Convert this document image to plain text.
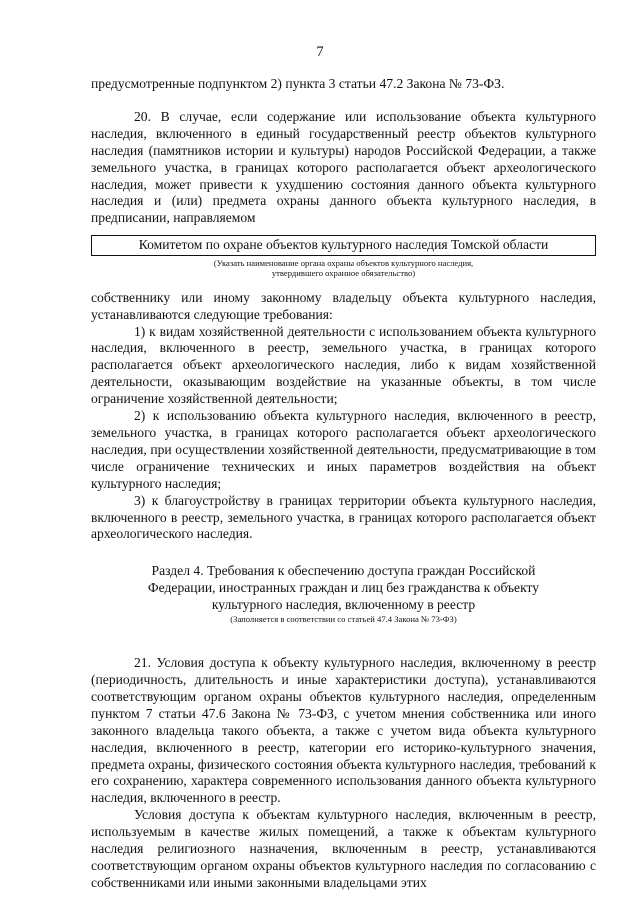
7

предусмотренные подпунктом 2) пункта 3 статьи 47.2 Закона № 73-ФЗ.

20. В случае, если содержание или использование объекта культурного наследия, включенного в единый государственный реестр объектов культурного наследия (памятников истории и культуры) народов Российской Федерации, а также земельного участка, в границах которого располагается объект археологического наследия, может привести к ухудшению состояния данного объекта культурного наследия и (или) предмета охраны данного объекта культурного наследия, в предписании, направляемом

Комитетом по охране объектов культурного наследия Томской области
(Указать наименование органа охраны объектов культурного наследия,
утвердившего охранное обязательство)

собственнику или иному законному владельцу объекта культурного наследия, устанавливаются следующие требования:

1) к видам хозяйственной деятельности с использованием объекта культурного наследия, включенного в реестр, земельного участка, в границах которого располагается объект археологического наследия, либо к видам хозяйственной деятельности, оказывающим воздействие на указанные объекты, в том числе ограничение хозяйственной деятельности;

2) к использованию объекта культурного наследия, включенного в реестр, земельного участка, в границах которого располагается объект археологического наследия, при осуществлении хозяйственной деятельности, предусматривающие в том числе ограничение технических и иных параметров воздействия на объект культурного наследия;

3) к благоустройству в границах территории объекта культурного наследия, включенного в реестр, земельного участка, в границах которого располагается объект археологического наследия.

Раздел 4. Требования к обеспечению доступа граждан Российской Федерации, иностранных граждан и лиц без гражданства к объекту культурного наследия, включенному в реестр
(Заполняется в соответствии со статьей 47.4 Закона № 73-ФЗ)

21. Условия доступа к объекту культурного наследия, включенному в реестр (периодичность, длительность и иные характеристики доступа), устанавливаются соответствующим органом охраны объектов культурного наследия, определенным пунктом 7 статьи 47.6 Закона № 73-ФЗ, с учетом мнения собственника или иного законного владельца такого объекта, а также с учетом вида объекта культурного наследия, включенного в реестр, категории его историко-культурного значения, предмета охраны, физического состояния объекта культурного наследия, требований к его сохранению, характера современного использования данного объекта культурного наследия, включенного в реестр.

Условия доступа к объектам культурного наследия, включенным в реестр, используемым в качестве жилых помещений, а также к объектам культурного наследия религиозного назначения, включенным в реестр, устанавливаются соответствующим органом охраны объектов культурного наследия по согласованию с собственниками или иными законными владельцами этих
